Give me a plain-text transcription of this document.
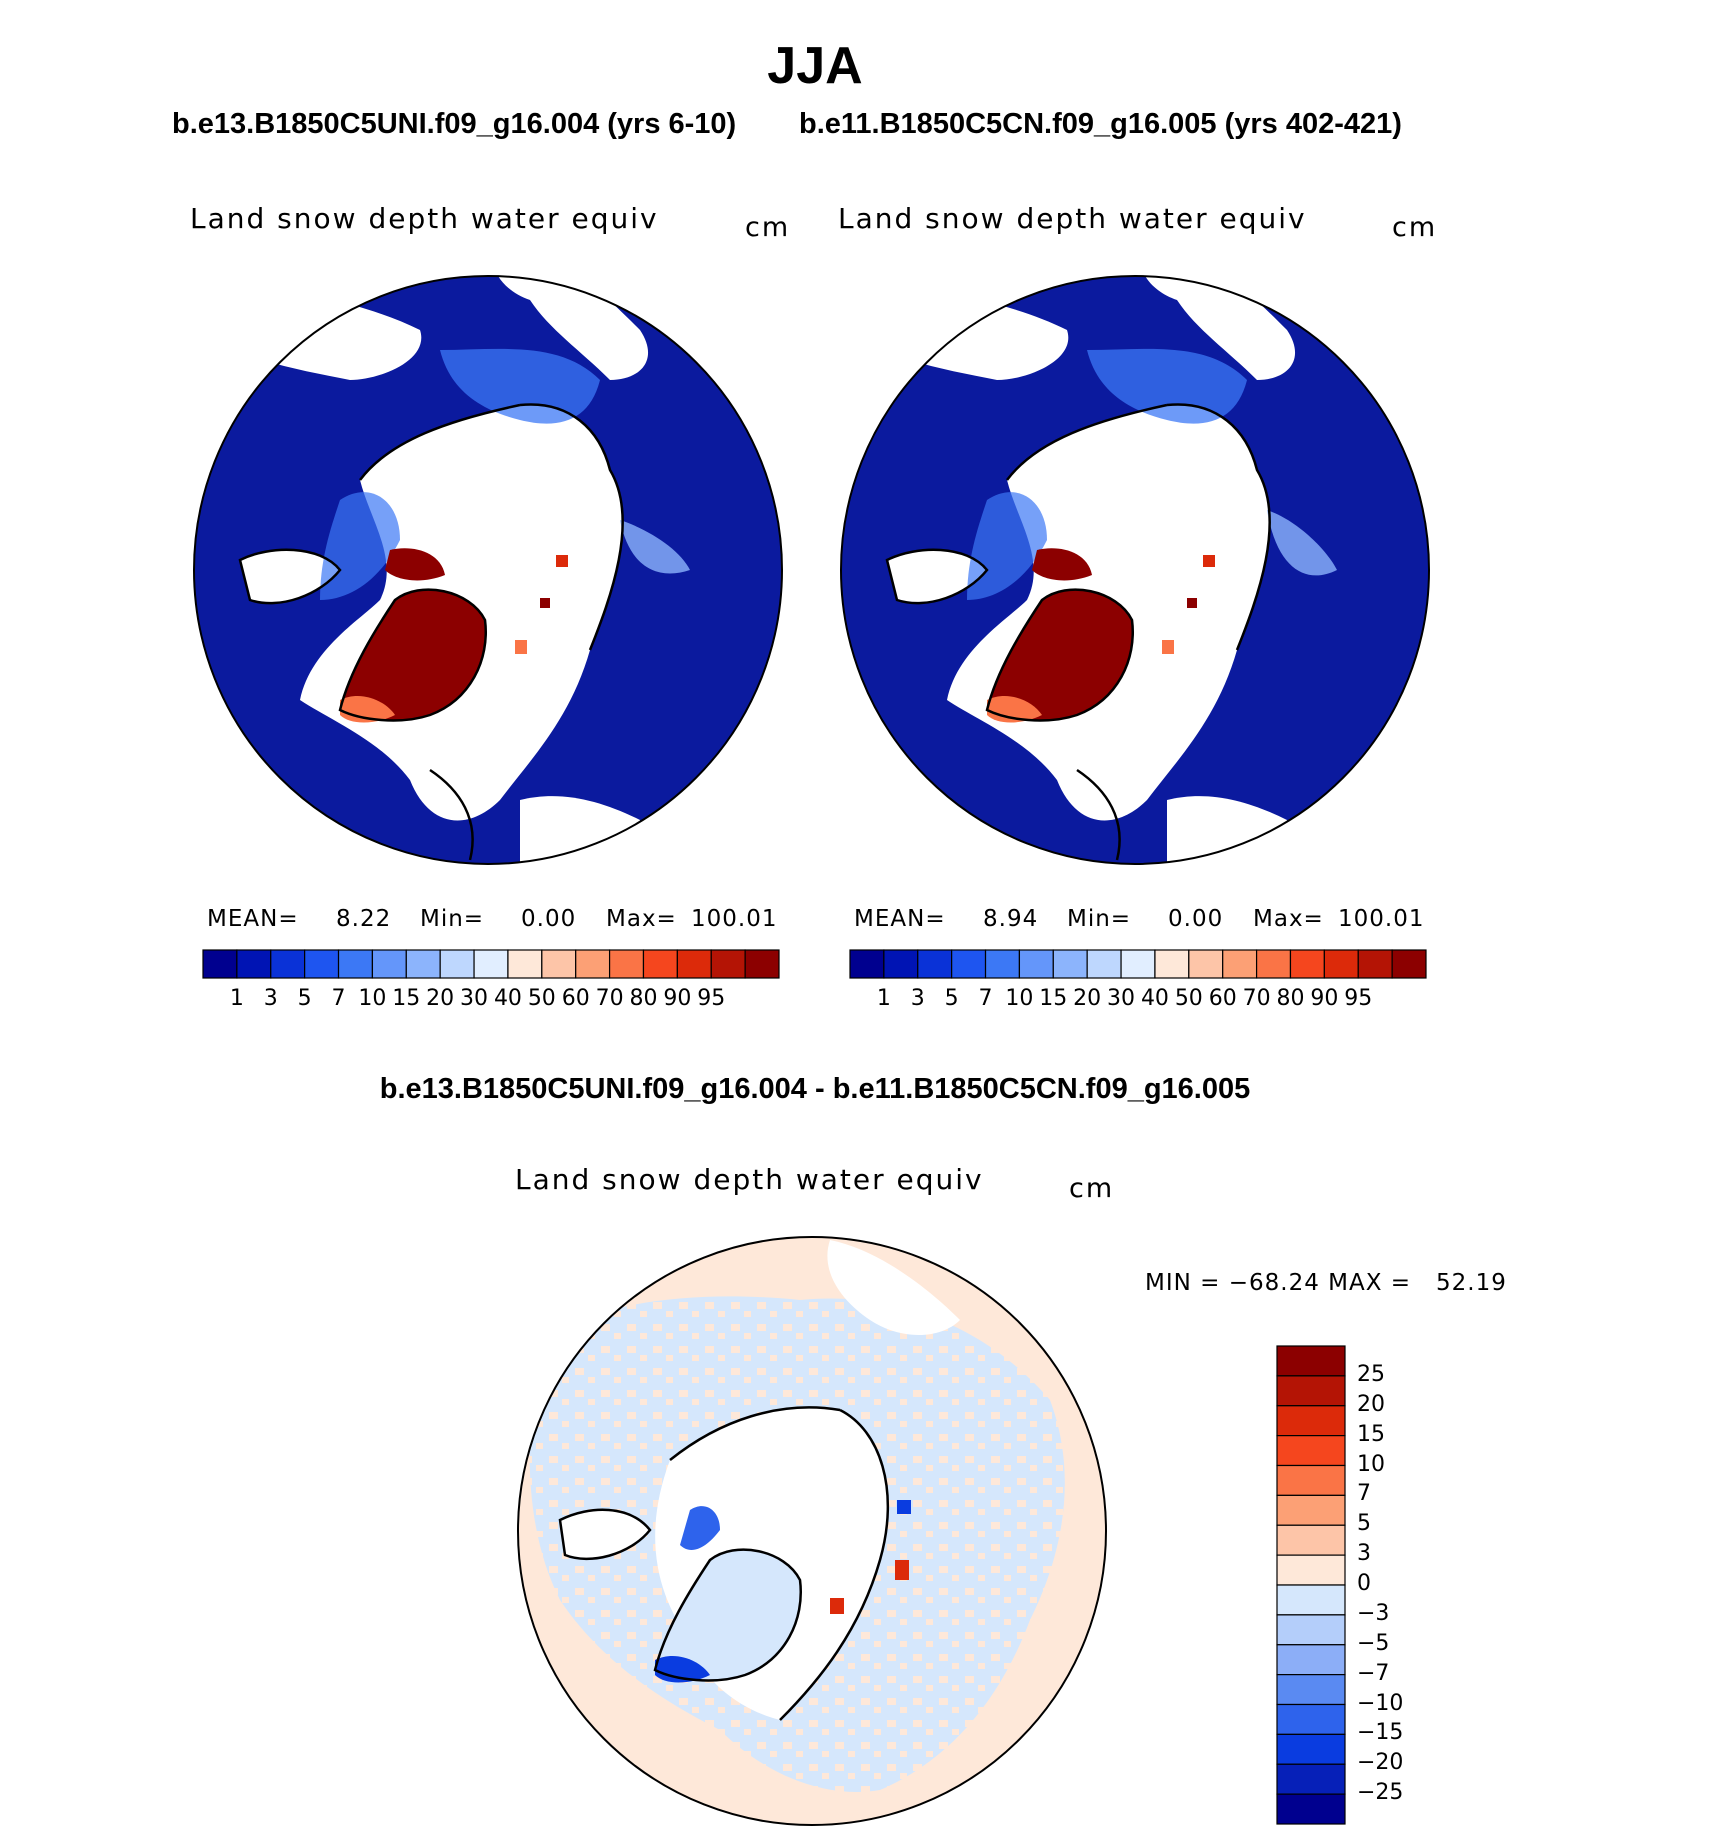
JJA
b.e13.B1850C5UNI.f09_g16.004 (yrs 6-10) b.e11.B1850C5CN.f09_g16.005 (yrs 402-421)
Land snow depth water equiv	cm
MEAN= 8.22 Min= 0.00 Max= 100.01
Land snow depth water equiv	cm
MEAN= 8.94 Min= 0.00 Max= 100.01
b.e13.B1850C5UNI.f09_g16.004 - b.e11.B1850C5CN.f09_g16.005
Land snow depth water equiv	cm
MIN = −68.24 MAX =   52.19
1 3 5 7 10 15 20 30 40 50 60 70 80 90 95	1 3 5 7 10 15 20 30 40 50 60 70 80 90 95
25
20
15
10
7
5
3
0
−3
−5
−7
−10
−15
−20
−25
